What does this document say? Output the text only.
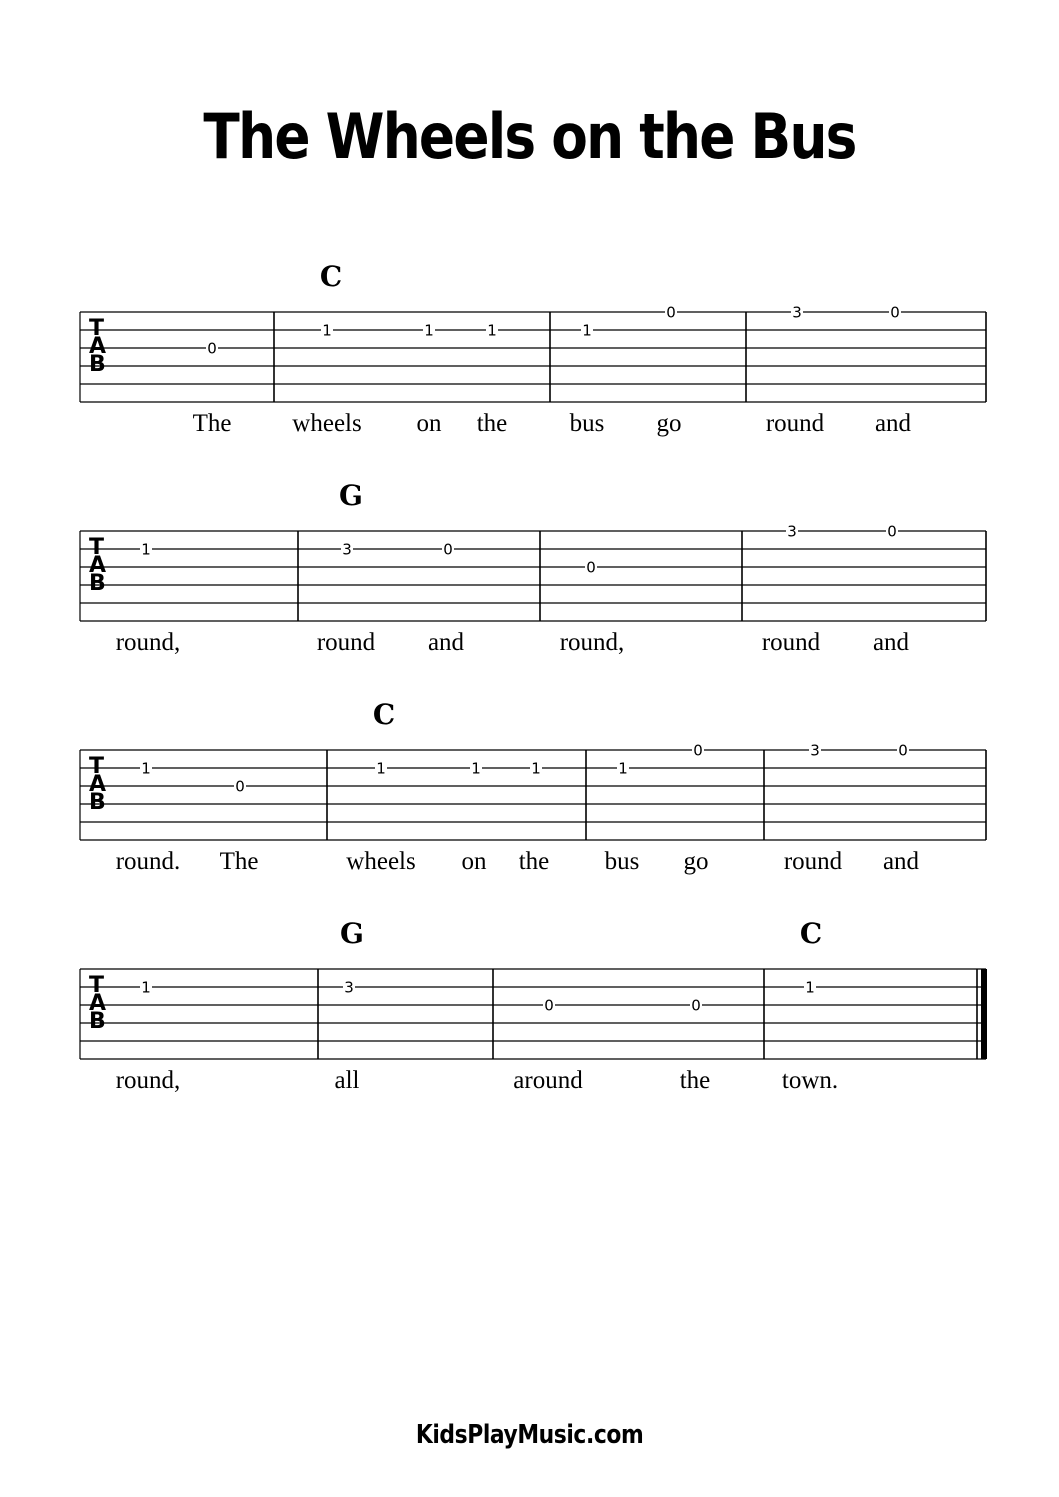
The Wheels on the Bus
0
1	1	1	1
0	3	0
T
A
B
C
The wheels on the bus go	round and
1	3	0
0
3	0
T
A
B
G
round,	round and	round,	round and
1
0
1	1	1	1
0	3	0
T
A
B
C
round. The	wheels on the bus go	round and
1	3
0	0
1
T
A
B
G	C
round,	all	around	the	town.
KidsPlayMusic.com
